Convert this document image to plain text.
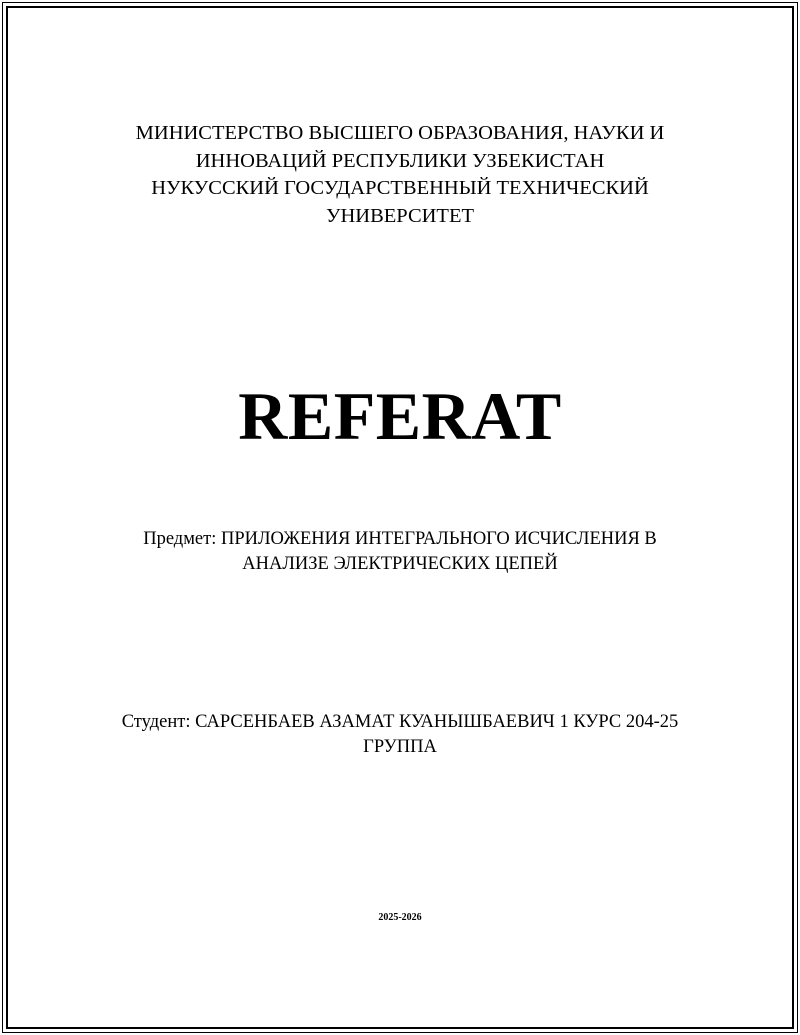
МИНИСТЕРСТВО ВЫСШЕГО ОБРАЗОВАНИЯ, НАУКИ И
ИННОВАЦИЙ РЕСПУБЛИКИ УЗБЕКИСТАН
НУКУССКИЙ ГОСУДАРСТВЕННЫЙ ТЕХНИЧЕСКИЙ
УНИВЕРСИТЕТ
REFERAT
Предмет: ПРИЛОЖЕНИЯ ИНТЕГРАЛЬНОГО ИСЧИСЛЕНИЯ В
АНАЛИЗЕ ЭЛЕКТРИЧЕСКИХ ЦЕПЕЙ
Студент: САРСЕНБАЕВ АЗАМАТ КУАНЫШБАЕВИЧ 1 КУРС 204-25
ГРУППА
2025-2026
